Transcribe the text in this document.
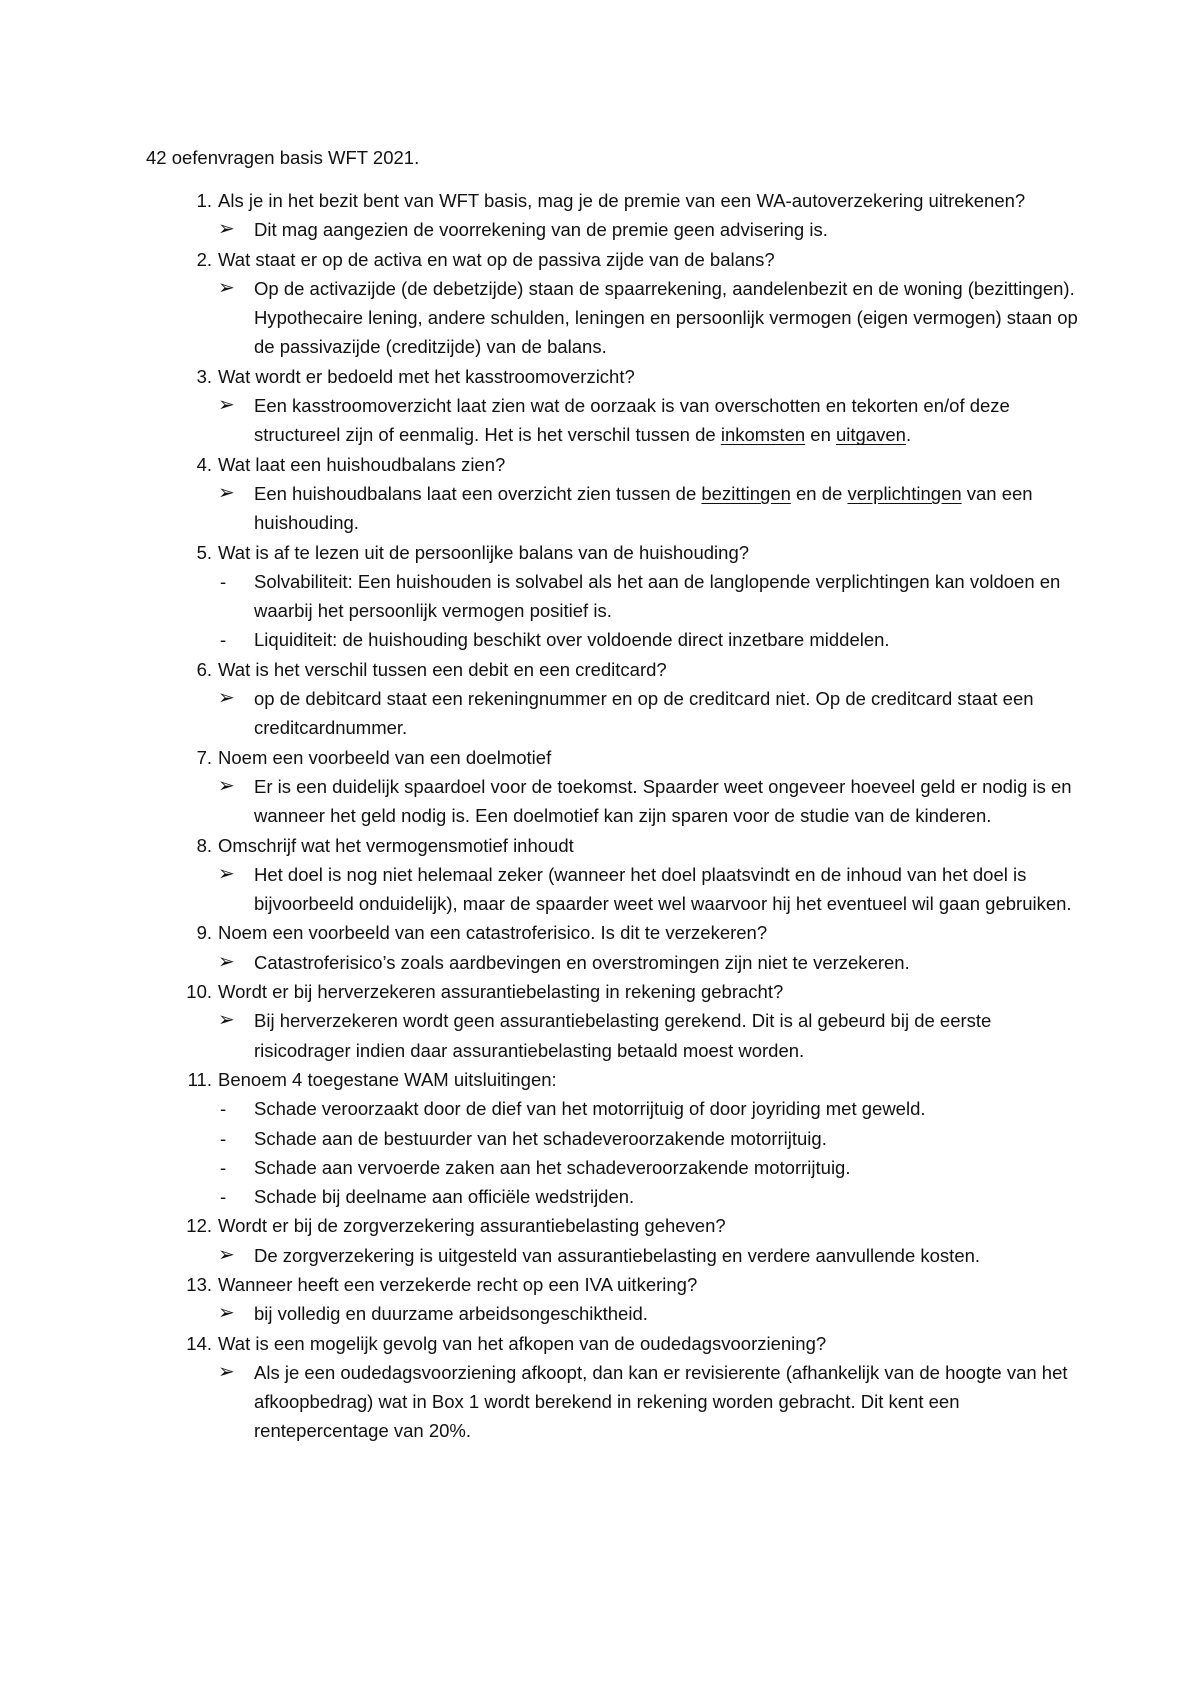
42 oefenvragen basis WFT 2021.
1. Als je in het bezit bent van WFT basis, mag je de premie van een WA-autoverzekering uitrekenen?
➢	Dit mag aangezien de voorrekening van de premie geen advisering is.
2. Wat staat er op de activa en wat op de passiva zijde van de balans?
➢	Op de activazijde (de debetzijde) staan de spaarrekening, aandelenbezit en de woning (bezittingen). Hypothecaire lening, andere schulden, leningen en persoonlijk vermogen (eigen vermogen) staan op de passivazijde (creditzijde) van de balans.
3. Wat wordt er bedoeld met het kasstroomoverzicht?
➢	Een kasstroomoverzicht laat zien wat de oorzaak is van overschotten en tekorten en/of deze structureel zijn of eenmalig. Het is het verschil tussen de inkomsten en uitgaven.
4. Wat laat een huishoudbalans zien?
➢	Een huishoudbalans laat een overzicht zien tussen de bezittingen en de verplichtingen van een huishouding.
5. Wat is af te lezen uit de persoonlijke balans van de huishouding?
-	Solvabiliteit: Een huishouden is solvabel als het aan de langlopende verplichtingen kan voldoen en waarbij het persoonlijk vermogen positief is.
-	Liquiditeit: de huishouding beschikt over voldoende direct inzetbare middelen.
6. Wat is het verschil tussen een debit en een creditcard?
➢	op de debitcard staat een rekeningnummer en op de creditcard niet. Op de creditcard staat een creditcardnummer.
7. Noem een voorbeeld van een doelmotief
➢	Er is een duidelijk spaardoel voor de toekomst. Spaarder weet ongeveer hoeveel geld er nodig is en wanneer het geld nodig is. Een doelmotief kan zijn sparen voor de studie van de kinderen.
8. Omschrijf wat het vermogensmotief inhoudt
➢	Het doel is nog niet helemaal zeker (wanneer het doel plaatsvindt en de inhoud van het doel is bijvoorbeeld onduidelijk), maar de spaarder weet wel waarvoor hij het eventueel wil gaan gebruiken.
9. Noem een voorbeeld van een catastroferisico. Is dit te verzekeren?
➢	Catastroferisico’s zoals aardbevingen en overstromingen zijn niet te verzekeren.
10. Wordt er bij herverzekeren assurantiebelasting in rekening gebracht?
➢	Bij herverzekeren wordt geen assurantiebelasting gerekend. Dit is al gebeurd bij de eerste risicodrager indien daar assurantiebelasting betaald moest worden.
11. Benoem 4 toegestane WAM uitsluitingen:
-	Schade veroorzaakt door de dief van het motorrijtuig of door joyriding met geweld.
-	Schade aan de bestuurder van het schadeveroorzakende motorrijtuig.
-	Schade aan vervoerde zaken aan het schadeveroorzakende motorrijtuig.
-	Schade bij deelname aan officiële wedstrijden.
12. Wordt er bij de zorgverzekering assurantiebelasting geheven?
➢	De zorgverzekering is uitgesteld van assurantiebelasting en verdere aanvullende kosten.
13. Wanneer heeft een verzekerde recht op een IVA uitkering?
➢	bij volledig en duurzame arbeidsongeschiktheid.
14. Wat is een mogelijk gevolg van het afkopen van de oudedagsvoorziening?
➢	Als je een oudedagsvoorziening afkoopt, dan kan er revisierente (afhankelijk van de hoogte van het afkoopbedrag) wat in Box 1 wordt berekend in rekening worden gebracht. Dit kent een rentepercentage van 20%.
